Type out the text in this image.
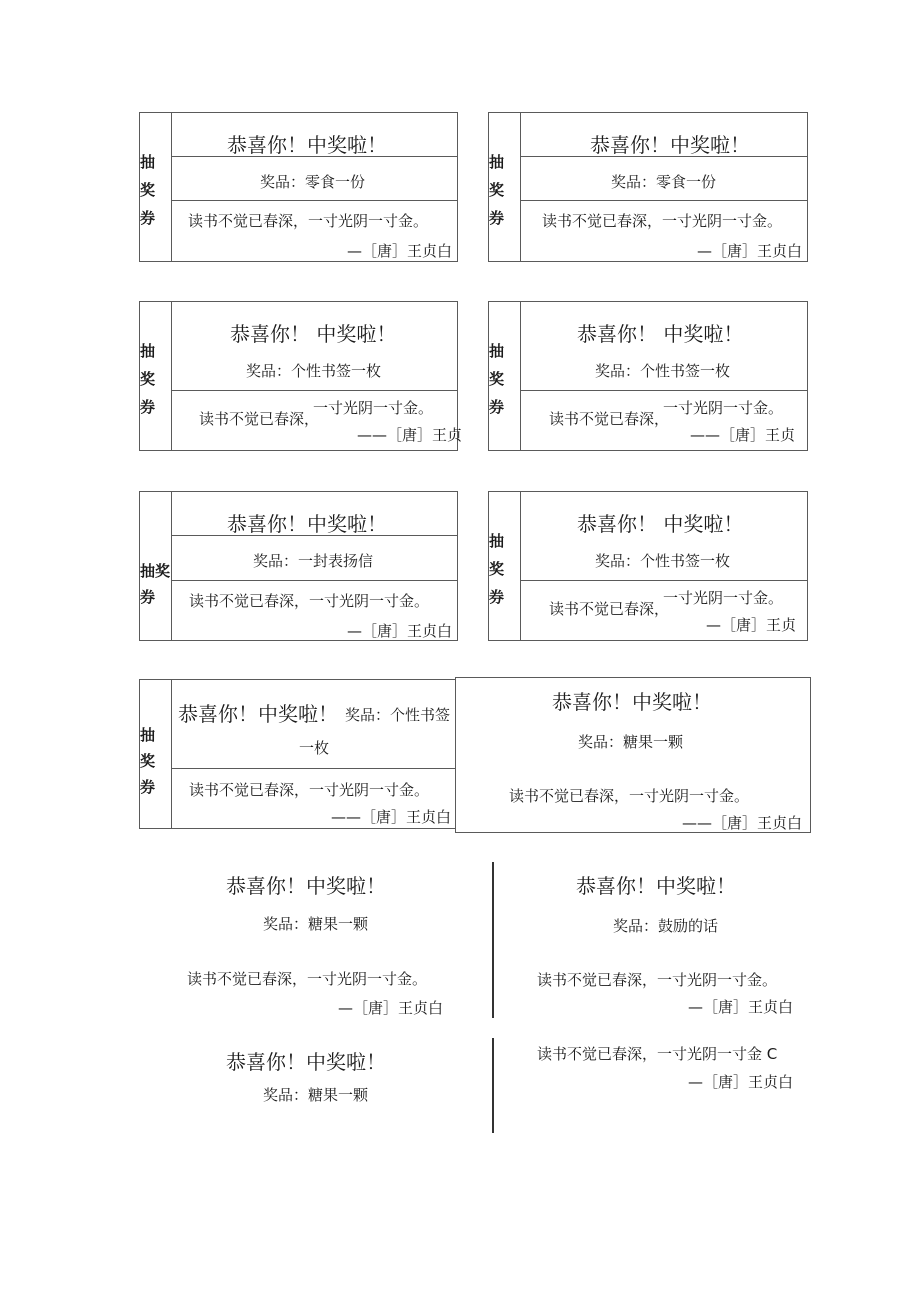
抽
奖
券
恭喜你！中奖啦！
奖品：零食一份
读书不觉已春深，一寸光阴一寸金。
—［唐］王贞白
抽
奖
券
恭喜你！中奖啦！
奖品：零食一份
读书不觉已春深，一寸光阴一寸金。
—［唐］王贞白
抽
奖
券
恭喜你！ 中奖啦！
奖品：个性书签一枚
读书不觉已春深，
一寸光阴一寸金。
——［唐］王贞
抽
奖
券
恭喜你！ 中奖啦！
奖品：个性书签一枚
读书不觉已春深，
一寸光阴一寸金。
——［唐］王贞
抽奖
券
恭喜你！中奖啦！
奖品：一封表扬信
读书不觉已春深，一寸光阴一寸金。
—［唐］王贞白
抽
奖
券
恭喜你！ 中奖啦！
奖品：个性书签一枚
读书不觉已春深，
一寸光阴一寸金。
—［唐］王贞
抽
奖
券
恭喜你！中奖啦！ 奖品：个性书签
一枚
读书不觉已春深，一寸光阴一寸金。
——［唐］王贞白
恭喜你！中奖啦！
奖品：糖果一颗
读书不觉已春深，一寸光阴一寸金。
——［唐］王贞白
恭喜你！中奖啦！
奖品：糖果一颗
读书不觉已春深，一寸光阴一寸金。
—［唐］王贞白
恭喜你！中奖啦！
奖品：鼓励的话
读书不觉已春深，一寸光阴一寸金。
—［唐］王贞白
恭喜你！中奖啦！
奖品：糖果一颗
读书不觉已春深，一寸光阴一寸金 C
—［唐］王贞白
